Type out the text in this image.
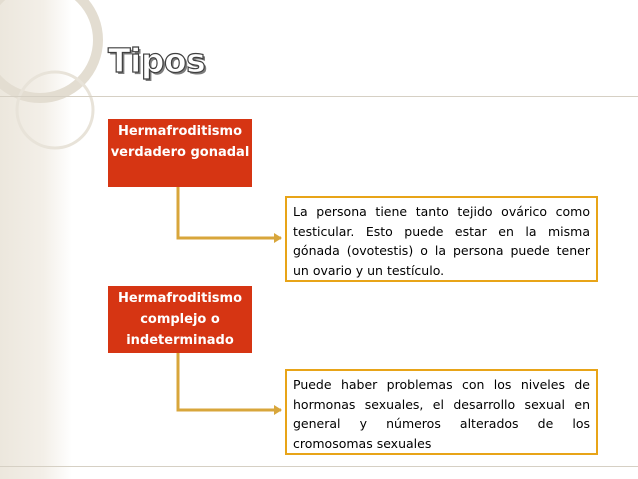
Tipos
Hermafroditismo verdadero gonadal
La persona tiene tanto tejido ovárico como testicular. Esto puede estar en la misma gónada (ovotestis) o la persona puede tener un ovario y un testículo.
Hermafroditismo complejo o indeterminado
Puede haber problemas con los niveles de hormonas sexuales, el desarrollo sexual en general y números alterados de los cromosomas sexuales
